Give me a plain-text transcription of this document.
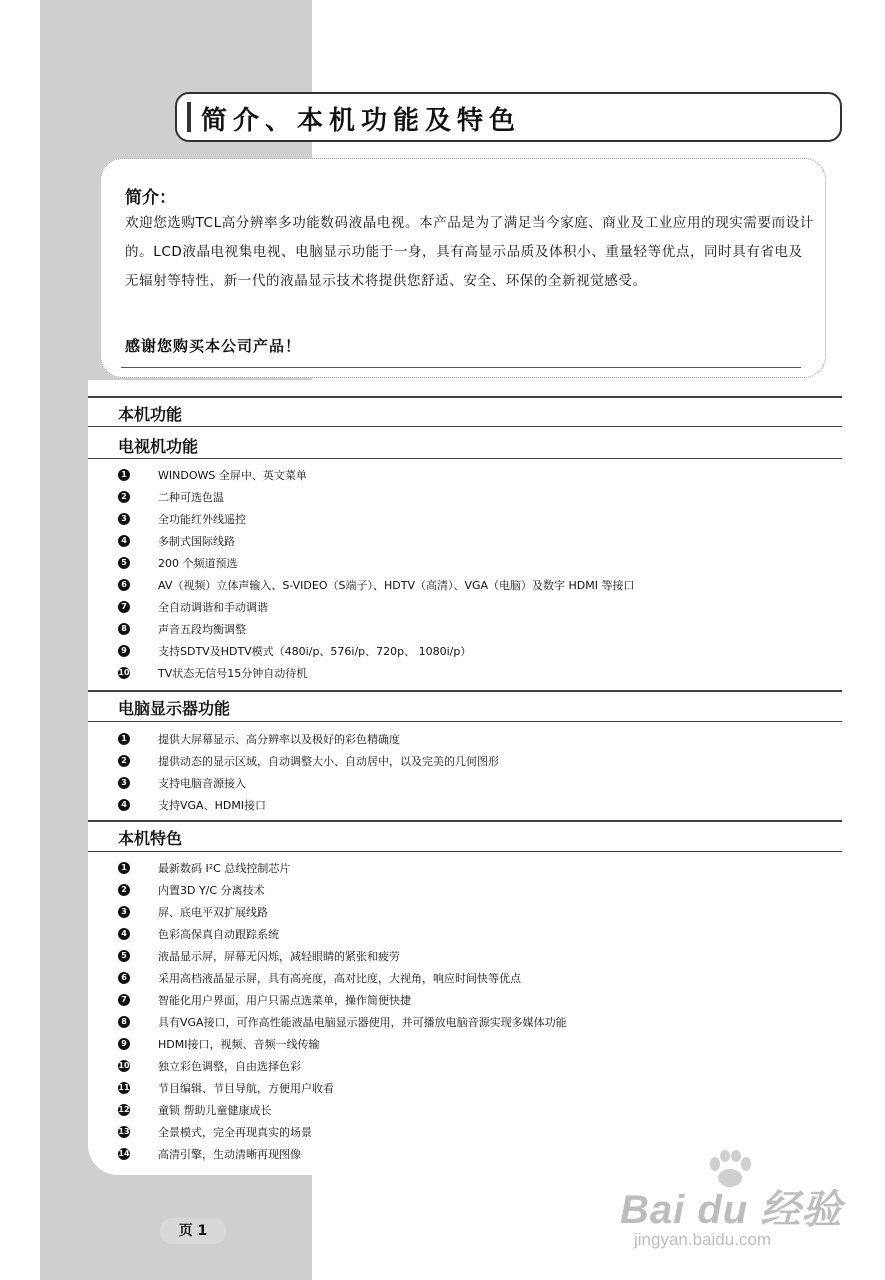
简介、本机功能及特色
简介：
欢迎您选购TCL高分辨率多功能数码液晶电视。本产品是为了满足当今家庭、商业及工业应用的现实需要而设计的。LCD液晶电视集电视、电脑显示功能于一身，具有高显示品质及体积小、重量轻等优点，同时具有省电及无辐射等特性，新一代的液晶显示技术将提供您舒适、安全、环保的全新视觉感受。
感谢您购买本公司产品！
本机功能
电视机功能
1	WINDOWS 全屏中、英文菜单
2	二种可选色温
3	全功能红外线遥控
4	多制式国际线路
5	200 个频道预选
6	AV（视频）立体声输入、S-VIDEO（S端子）、HDTV（高清）、VGA（电脑）及数字 HDMI 等接口
7	全自动调谐和手动调谐
8	声音五段均衡调整
9	支持SDTV及HDTV模式（480i/p、576i/p、720p、 1080i/p）
10	TV状态无信号15分钟自动待机
电脑显示器功能
1	提供大屏幕显示、高分辨率以及极好的彩色精确度
2	提供动态的显示区域，自动调整大小、自动居中，以及完美的几何图形
3	支持电脑音源接入
4	支持VGA、HDMI接口
本机特色
1	最新数码 I²C 总线控制芯片
2	内置3D Y/C 分离技术
3	屏、底电平双扩展线路
4	色彩高保真自动跟踪系统
5	液晶显示屏，屏幕无闪烁，减轻眼睛的紧张和疲劳
6	采用高档液晶显示屏，具有高亮度，高对比度，大视角，响应时间快等优点
7	智能化用户界面，用户只需点选菜单，操作简便快捷
8	具有VGA接口，可作高性能液晶电脑显示器使用，并可播放电脑音源实现多媒体功能
9	HDMI接口，视频、音频一线传输
10	独立彩色调整，自由选择色彩
11	节目编辑、节目导航，方便用户收看
12	童锁 帮助儿童健康成长
13	全景模式，完全再现真实的场景
14	高清引擎，生动清晰再现图像
页 1	Bai du 经验
jingyan.baidu.com
